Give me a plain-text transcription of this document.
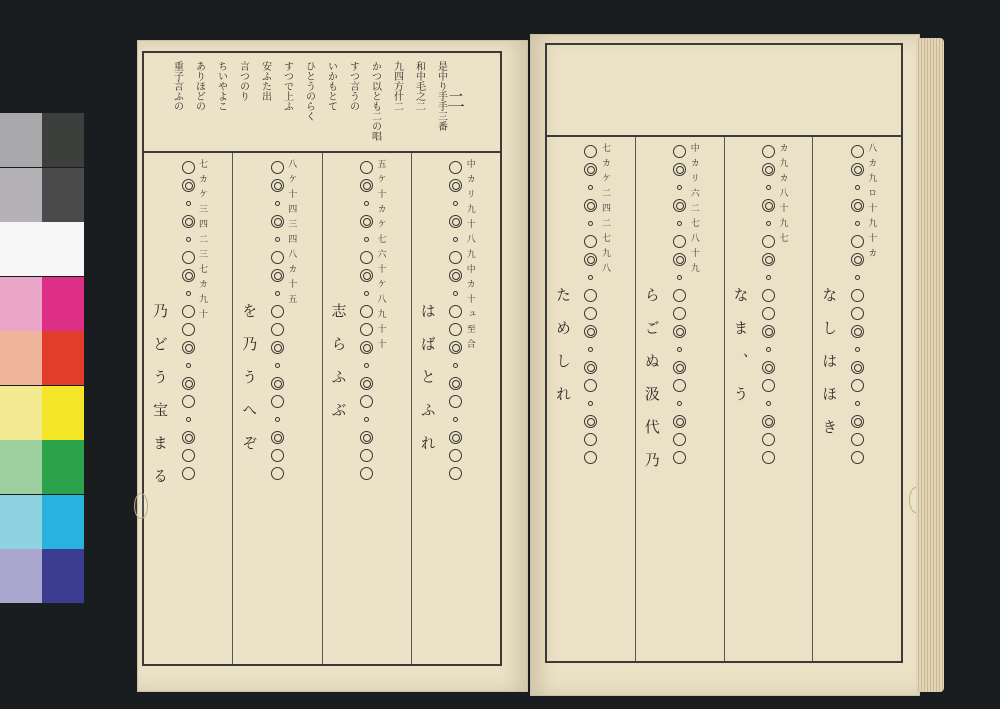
二
是中り手手三番
和中毛之二
九四方什二
かつ以とも二の唱
すつ言うの
いかもとて
ひとうのらく
すつで上ふ
安ふた出
言つのり
ちいやよこ
ありほどの
重子言ふの
七カケ三四二三七カ九十
乃どう宝まる
八ケ十四三四八カ十五
を乃うへぞ
五ケ十カケ七六十ケ八九十十
志らふぶ
中カリ九十八九中カ十ュ至合
はばとふれ
七カケ二四二七九八
ためしれ
中カリ六二七八十九
らごぬ汲代乃
カ九カ八十九七
なま、う
八カ九ロ十九十カ
なしはほき
